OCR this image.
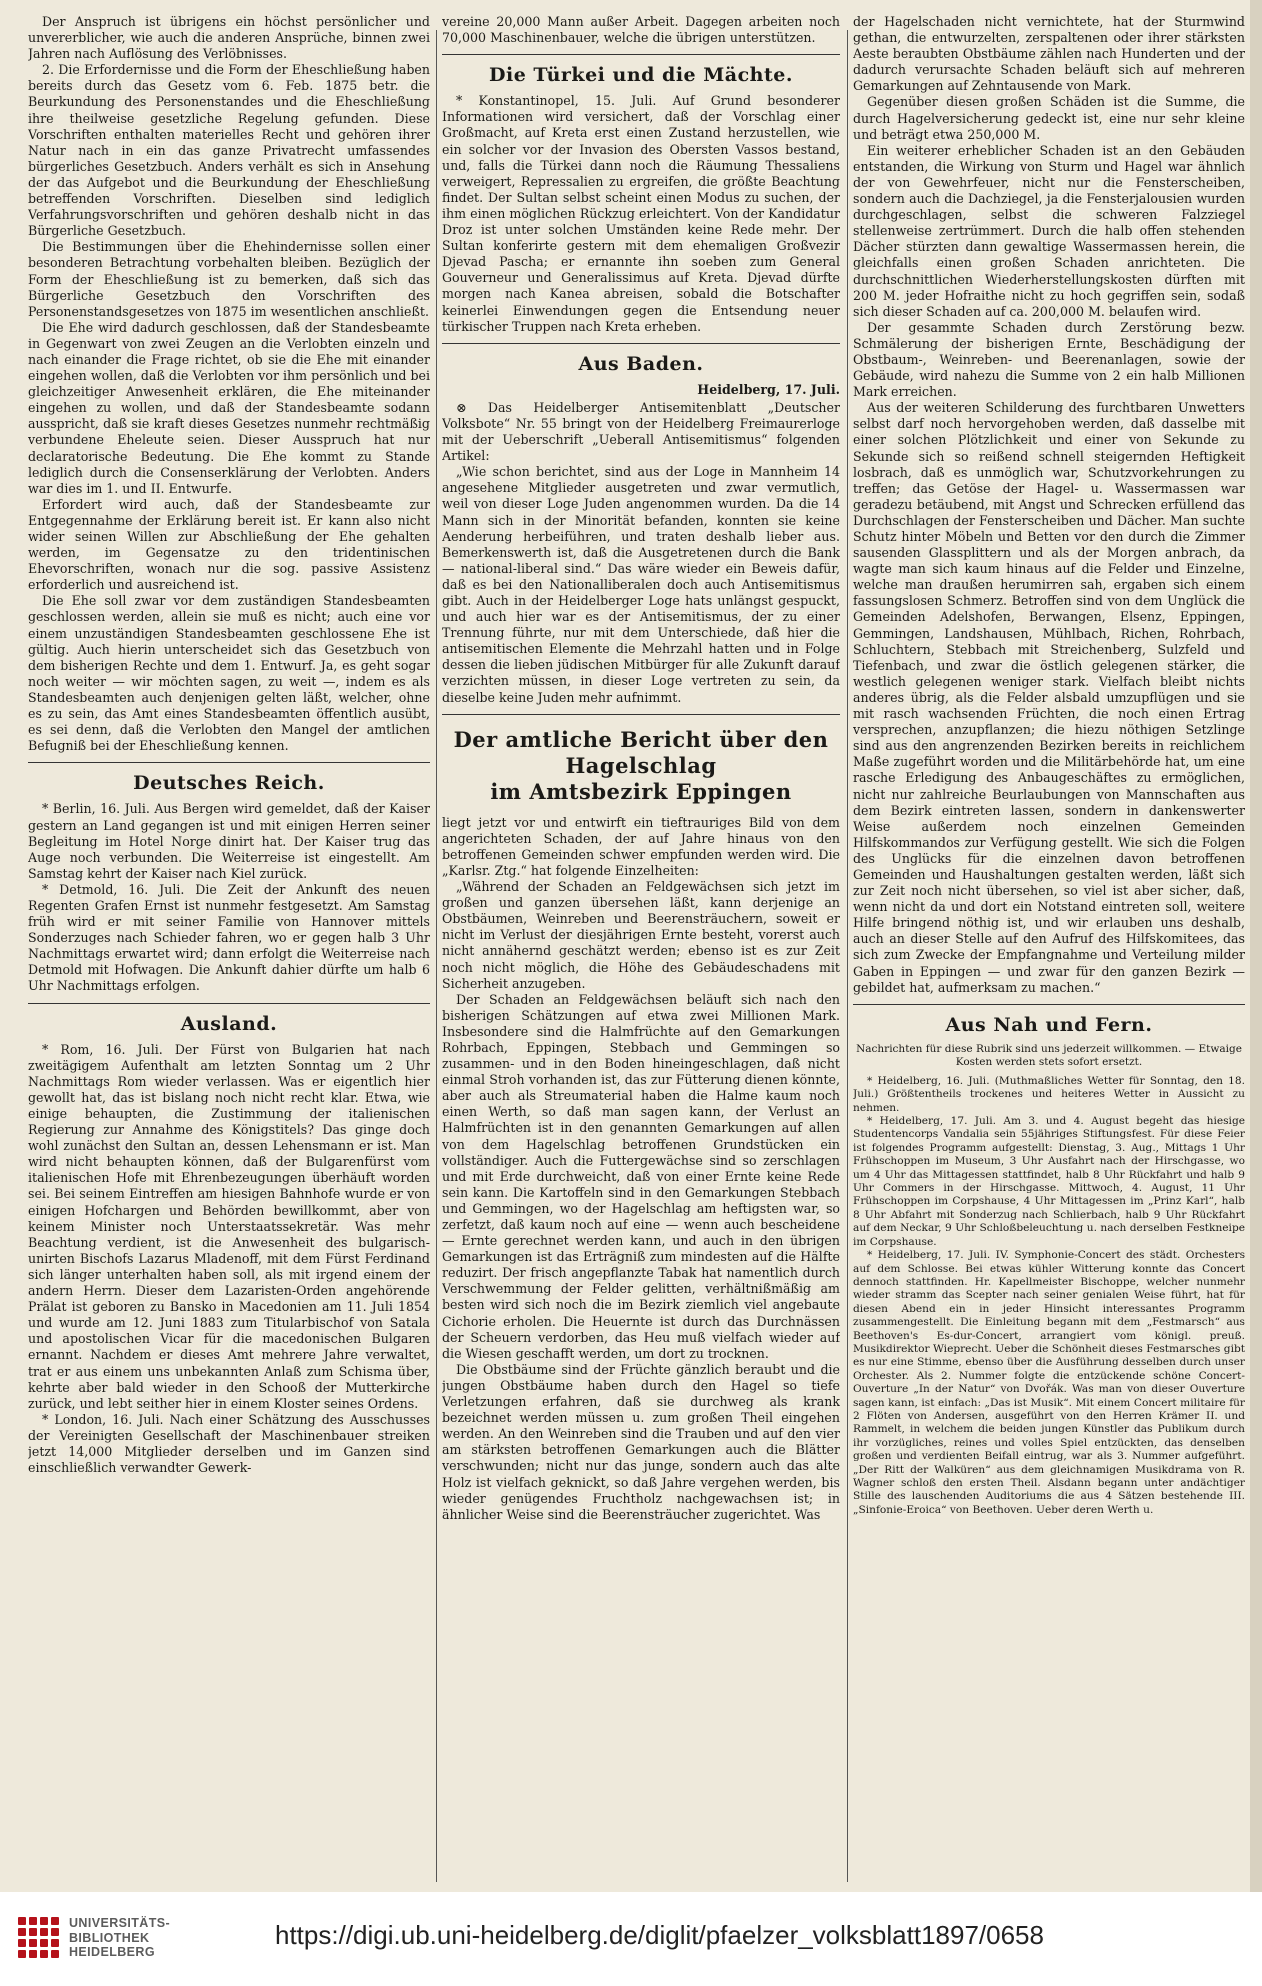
Der Anspruch ist übrigens ein höchst persönlicher und unvererblicher, wie auch die anderen Ansprüche, binnen zwei Jahren nach Auflösung des Verlöbnisses.

2. Die Erfordernisse und die Form der Eheschließung haben bereits durch das Gesetz vom 6. Feb. 1875 betr. die Beurkundung des Personenstandes und die Eheschließung ihre theilweise gesetzliche Regelung gefunden. Diese Vorschriften enthalten materielles Recht und gehören ihrer Natur nach in ein das ganze Privatrecht umfassendes bürgerliches Gesetzbuch. Anders verhält es sich in Ansehung der das Aufgebot und die Beurkundung der Eheschließung betreffenden Vorschriften. Dieselben sind lediglich Verfahrungsvorschriften und gehören deshalb nicht in das Bürgerliche Gesetzbuch.

Die Bestimmungen über die Ehehindernisse sollen einer besonderen Betrachtung vorbehalten bleiben. Bezüglich der Form der Eheschließung ist zu bemerken, daß sich das Bürgerliche Gesetzbuch den Vorschriften des Personenstandsgesetzes von 1875 im wesentlichen anschließt.

Die Ehe wird dadurch geschlossen, daß der Standesbeamte in Gegenwart von zwei Zeugen an die Verlobten einzeln und nach einander die Frage richtet, ob sie die Ehe mit einander eingehen wollen, daß die Verlobten vor ihm persönlich und bei gleichzeitiger Anwesenheit erklären, die Ehe miteinander eingehen zu wollen, und daß der Standesbeamte sodann ausspricht, daß sie kraft dieses Gesetzes nunmehr rechtmäßig verbundene Eheleute seien. Dieser Ausspruch hat nur declaratorische Bedeutung. Die Ehe kommt zu Stande lediglich durch die Consenserklärung der Verlobten. Anders war dies im 1. und II. Entwurfe.

Erfordert wird auch, daß der Standesbeamte zur Entgegennahme der Erklärung bereit ist. Er kann also nicht wider seinen Willen zur Abschließung der Ehe gehalten werden, im Gegensatze zu den tridentinischen Ehevorschriften, wonach nur die sog. passive Assistenz erforderlich und ausreichend ist.

Die Ehe soll zwar vor dem zuständigen Standesbeamten geschlossen werden, allein sie muß es nicht; auch eine vor einem unzuständigen Standesbeamten geschlossene Ehe ist gültig. Auch hierin unterscheidet sich das Gesetzbuch von dem bisherigen Rechte und dem 1. Entwurf. Ja, es geht sogar noch weiter — wir möchten sagen, zu weit —, indem es als Standesbeamten auch denjenigen gelten läßt, welcher, ohne es zu sein, das Amt eines Standesbeamten öffentlich ausübt, es sei denn, daß die Verlobten den Mangel der amtlichen Befugniß bei der Eheschließung kennen.

Deutsches Reich.

* Berlin, 16. Juli. Aus Bergen wird gemeldet, daß der Kaiser gestern an Land gegangen ist und mit einigen Herren seiner Begleitung im Hotel Norge dinirt hat. Der Kaiser trug das Auge noch verbunden. Die Weiterreise ist eingestellt. Am Samstag kehrt der Kaiser nach Kiel zurück.

* Detmold, 16. Juli. Die Zeit der Ankunft des neuen Regenten Grafen Ernst ist nunmehr festgesetzt. Am Samstag früh wird er mit seiner Familie von Hannover mittels Sonderzuges nach Schieder fahren, wo er gegen halb 3 Uhr Nachmittags erwartet wird; dann erfolgt die Weiterreise nach Detmold mit Hofwagen. Die Ankunft dahier dürfte um halb 6 Uhr Nachmittags erfolgen.

Ausland.

* Rom, 16. Juli. Der Fürst von Bulgarien hat nach zweitägigem Aufenthalt am letzten Sonntag um 2 Uhr Nachmittags Rom wieder verlassen. Was er eigentlich hier gewollt hat, das ist bislang noch nicht recht klar. Etwa, wie einige behaupten, die Zustimmung der italienischen Regierung zur Annahme des Königstitels? Das ginge doch wohl zunächst den Sultan an, dessen Lehensmann er ist. Man wird nicht behaupten können, daß der Bulgarenfürst vom italienischen Hofe mit Ehrenbezeugungen überhäuft worden sei. Bei seinem Eintreffen am hiesigen Bahnhofe wurde er von einigen Hofchargen und Behörden bewillkommt, aber von keinem Minister noch Unterstaatssekretär. Was mehr Beachtung verdient, ist die Anwesenheit des bulgarisch-unirten Bischofs Lazarus Mladenoff, mit dem Fürst Ferdinand sich länger unterhalten haben soll, als mit irgend einem der andern Herrn. Dieser dem Lazaristen-Orden angehörende Prälat ist geboren zu Bansko in Macedonien am 11. Juli 1854 und wurde am 12. Juni 1883 zum Titularbischof von Satala und apostolischen Vicar für die macedonischen Bulgaren ernannt. Nachdem er dieses Amt mehrere Jahre verwaltet, trat er aus einem uns unbekannten Anlaß zum Schisma über, kehrte aber bald wieder in den Schooß der Mutterkirche zurück, und lebt seither hier in einem Kloster seines Ordens.

* London, 16. Juli. Nach einer Schätzung des Ausschusses der Vereinigten Gesellschaft der Maschinenbauer streiken jetzt 14,000 Mitglieder derselben und im Ganzen sind einschließlich verwandter Gewerk-

vereine 20,000 Mann außer Arbeit. Dagegen arbeiten noch 70,000 Maschinenbauer, welche die übrigen unterstützen.

Die Türkei und die Mächte.

* Konstantinopel, 15. Juli. Auf Grund besonderer Informationen wird versichert, daß der Vorschlag einer Großmacht, auf Kreta erst einen Zustand herzustellen, wie ein solcher vor der Invasion des Obersten Vassos bestand, und, falls die Türkei dann noch die Räumung Thessaliens verweigert, Repressalien zu ergreifen, die größte Beachtung findet. Der Sultan selbst scheint einen Modus zu suchen, der ihm einen möglichen Rückzug erleichtert. Von der Kandidatur Droz ist unter solchen Umständen keine Rede mehr. Der Sultan konferirte gestern mit dem ehemaligen Großvezir Djevad Pascha; er ernannte ihn soeben zum General Gouverneur und Generalissimus auf Kreta. Djevad dürfte morgen nach Kanea abreisen, sobald die Botschafter keinerlei Einwendungen gegen die Entsendung neuer türkischer Truppen nach Kreta erheben.

Aus Baden.
Heidelberg, 17. Juli.

⊗ Das Heidelberger Antisemitenblatt „Deutscher Volksbote“ Nr. 55 bringt von der Heidelberg Freimaurerloge mit der Ueberschrift „Ueberall Antisemitismus“ folgenden Artikel:

„Wie schon berichtet, sind aus der Loge in Mannheim 14 angesehene Mitglieder ausgetreten und zwar vermutlich, weil von dieser Loge Juden angenommen wurden. Da die 14 Mann sich in der Minorität befanden, konnten sie keine Aenderung herbeiführen, und traten deshalb lieber aus. Bemerkenswerth ist, daß die Ausgetretenen durch die Bank — national-liberal sind.“ Das wäre wieder ein Beweis dafür, daß es bei den Nationalliberalen doch auch Antisemitismus gibt. Auch in der Heidelberger Loge hats unlängst gespuckt, und auch hier war es der Antisemitismus, der zu einer Trennung führte, nur mit dem Unterschiede, daß hier die antisemitischen Elemente die Mehrzahl hatten und in Folge dessen die lieben jüdischen Mitbürger für alle Zukunft darauf verzichten müssen, in dieser Loge vertreten zu sein, da dieselbe keine Juden mehr aufnimmt.

Der amtliche Bericht über den Hagelschlag
im Amtsbezirk Eppingen

liegt jetzt vor und entwirft ein tieftrauriges Bild von dem angerichteten Schaden, der auf Jahre hinaus von den betroffenen Gemeinden schwer empfunden werden wird. Die „Karlsr. Ztg.“ hat folgende Einzelheiten:

„Während der Schaden an Feldgewächsen sich jetzt im großen und ganzen übersehen läßt, kann derjenige an Obstbäumen, Weinreben und Beerensträuchern, soweit er nicht im Verlust der diesjährigen Ernte besteht, vorerst auch nicht annähernd geschätzt werden; ebenso ist es zur Zeit noch nicht möglich, die Höhe des Gebäudeschadens mit Sicherheit anzugeben.

Der Schaden an Feldgewächsen beläuft sich nach den bisherigen Schätzungen auf etwa zwei Millionen Mark. Insbesondere sind die Halmfrüchte auf den Gemarkungen Rohrbach, Eppingen, Stebbach und Gemmingen so zusammen- und in den Boden hineingeschlagen, daß nicht einmal Stroh vorhanden ist, das zur Fütterung dienen könnte, aber auch als Streumaterial haben die Halme kaum noch einen Werth, so daß man sagen kann, der Verlust an Halmfrüchten ist in den genannten Gemarkungen auf allen von dem Hagelschlag betroffenen Grundstücken ein vollständiger. Auch die Futtergewächse sind so zerschlagen und mit Erde durchweicht, daß von einer Ernte keine Rede sein kann. Die Kartoffeln sind in den Gemarkungen Stebbach und Gemmingen, wo der Hagelschlag am heftigsten war, so zerfetzt, daß kaum noch auf eine — wenn auch bescheidene — Ernte gerechnet werden kann, und auch in den übrigen Gemarkungen ist das Erträgniß zum mindesten auf die Hälfte reduzirt. Der frisch angepflanzte Tabak hat namentlich durch Verschwemmung der Felder gelitten, verhältnißmäßig am besten wird sich noch die im Bezirk ziemlich viel angebaute Cichorie erholen. Die Heuernte ist durch das Durchnässen der Scheuern verdorben, das Heu muß vielfach wieder auf die Wiesen geschafft werden, um dort zu trocknen.

Die Obstbäume sind der Früchte gänzlich beraubt und die jungen Obstbäume haben durch den Hagel so tiefe Verletzungen erfahren, daß sie durchweg als krank bezeichnet werden müssen u. zum großen Theil eingehen werden. An den Weinreben sind die Trauben und auf den vier am stärksten betroffenen Gemarkungen auch die Blätter verschwunden; nicht nur das junge, sondern auch das alte Holz ist vielfach geknickt, so daß Jahre vergehen werden, bis wieder genügendes Fruchtholz nachgewachsen ist; in ähnlicher Weise sind die Beerensträucher zugerichtet. Was

der Hagelschaden nicht vernichtete, hat der Sturmwind gethan, die entwurzelten, zerspaltenen oder ihrer stärksten Aeste beraubten Obstbäume zählen nach Hunderten und der dadurch verursachte Schaden beläuft sich auf mehreren Gemarkungen auf Zehntausende von Mark.

Gegenüber diesen großen Schäden ist die Summe, die durch Hagelversicherung gedeckt ist, eine nur sehr kleine und beträgt etwa 250,000 M.

Ein weiterer erheblicher Schaden ist an den Gebäuden entstanden, die Wirkung von Sturm und Hagel war ähnlich der von Gewehrfeuer, nicht nur die Fensterscheiben, sondern auch die Dachziegel, ja die Fensterjalousien wurden durchgeschlagen, selbst die schweren Falzziegel stellenweise zertrümmert. Durch die halb offen stehenden Dächer stürzten dann gewaltige Wassermassen herein, die gleichfalls einen großen Schaden anrichteten. Die durchschnittlichen Wiederherstellungskosten dürften mit 200 M. jeder Hofraithe nicht zu hoch gegriffen sein, sodaß sich dieser Schaden auf ca. 200,000 M. belaufen wird.

Der gesammte Schaden durch Zerstörung bezw. Schmälerung der bisherigen Ernte, Beschädigung der Obstbaum-, Weinreben- und Beerenanlagen, sowie der Gebäude, wird nahezu die Summe von 2 ein halb Millionen Mark erreichen.

Aus der weiteren Schilderung des furchtbaren Unwetters selbst darf noch hervorgehoben werden, daß dasselbe mit einer solchen Plötzlichkeit und einer von Sekunde zu Sekunde sich so reißend schnell steigernden Heftigkeit losbrach, daß es unmöglich war, Schutzvorkehrungen zu treffen; das Getöse der Hagel- u. Wassermassen war geradezu betäubend, mit Angst und Schrecken erfüllend das Durchschlagen der Fensterscheiben und Dächer. Man suchte Schutz hinter Möbeln und Betten vor den durch die Zimmer sausenden Glassplittern und als der Morgen anbrach, da wagte man sich kaum hinaus auf die Felder und Einzelne, welche man draußen herumirren sah, ergaben sich einem fassungslosen Schmerz. Betroffen sind von dem Unglück die Gemeinden Adelshofen, Berwangen, Elsenz, Eppingen, Gemmingen, Landshausen, Mühlbach, Richen, Rohrbach, Schluchtern, Stebbach mit Streichenberg, Sulzfeld und Tiefenbach, und zwar die östlich gelegenen stärker, die westlich gelegenen weniger stark. Vielfach bleibt nichts anderes übrig, als die Felder alsbald umzupflügen und sie mit rasch wachsenden Früchten, die noch einen Ertrag versprechen, anzupflanzen; die hiezu nöthigen Setzlinge sind aus den angrenzenden Bezirken bereits in reichlichem Maße zugeführt worden und die Militärbehörde hat, um eine rasche Erledigung des Anbaugeschäftes zu ermöglichen, nicht nur zahlreiche Beurlaubungen von Mannschaften aus dem Bezirk eintreten lassen, sondern in dankenswerter Weise außerdem noch einzelnen Gemeinden Hilfskommandos zur Verfügung gestellt. Wie sich die Folgen des Unglücks für die einzelnen davon betroffenen Gemeinden und Haushaltungen gestalten werden, läßt sich zur Zeit noch nicht übersehen, so viel ist aber sicher, daß, wenn nicht da und dort ein Notstand eintreten soll, weitere Hilfe bringend nöthig ist, und wir erlauben uns deshalb, auch an dieser Stelle auf den Aufruf des Hilfskomitees, das sich zum Zwecke der Empfangnahme und Verteilung milder Gaben in Eppingen — und zwar für den ganzen Bezirk — gebildet hat, aufmerksam zu machen.“

Aus Nah und Fern.
Nachrichten für diese Rubrik sind uns jederzeit willkommen. — Etwaige Kosten werden stets sofort ersetzt.

* Heidelberg, 16. Juli. (Muthmaßliches Wetter für Sonntag, den 18. Juli.) Größtentheils trockenes und heiteres Wetter in Aussicht zu nehmen.

* Heidelberg, 17. Juli. Am 3. und 4. August begeht das hiesige Studentencorps Vandalia sein 55jähriges Stiftungsfest. Für diese Feier ist folgendes Programm aufgestellt: Dienstag, 3. Aug., Mittags 1 Uhr Frühschoppen im Museum, 3 Uhr Ausfahrt nach der Hirschgasse, wo um 4 Uhr das Mittagessen stattfindet, halb 8 Uhr Rückfahrt und halb 9 Uhr Commers in der Hirschgasse. Mittwoch, 4. August, 11 Uhr Frühschoppen im Corpshause, 4 Uhr Mittagessen im „Prinz Karl“, halb 8 Uhr Abfahrt mit Sonderzug nach Schlierbach, halb 9 Uhr Rückfahrt auf dem Neckar, 9 Uhr Schloßbeleuchtung u. nach derselben Festkneipe im Corpshause.

* Heidelberg, 17. Juli. IV. Symphonie-Concert des städt. Orchesters auf dem Schlosse. Bei etwas kühler Witterung konnte das Concert dennoch stattfinden. Hr. Kapellmeister Bischoppe, welcher nunmehr wieder stramm das Scepter nach seiner genialen Weise führt, hat für diesen Abend ein in jeder Hinsicht interessantes Programm zusammengestellt. Die Einleitung begann mit dem „Festmarsch“ aus Beethoven's Es-dur-Concert, arrangiert vom königl. preuß. Musikdirektor Wieprecht. Ueber die Schönheit dieses Festmarsches gibt es nur eine Stimme, ebenso über die Ausführung desselben durch unser Orchester. Als 2. Nummer folgte die entzückende schöne Concert-Ouverture „In der Natur“ von Dvořák. Was man von dieser Ouverture sagen kann, ist einfach: „Das ist Musik“. Mit einem Concert militaire für 2 Flöten von Andersen, ausgeführt von den Herren Krämer II. und Rammelt, in welchem die beiden jungen Künstler das Publikum durch ihr vorzügliches, reines und volles Spiel entzückten, das denselben großen und verdienten Beifall eintrug, war als 3. Nummer aufgeführt. „Der Ritt der Walküren“ aus dem gleichnamigen Musikdrama von R. Wagner schloß den ersten Theil. Alsdann begann unter andächtiger Stille des lauschenden Auditoriums die aus 4 Sätzen bestehende III. „Sinfonie-Eroica“ von Beethoven. Ueber deren Werth u.

UNIVERSITÄTS-
BIBLIOTHEK
HEIDELBERG
https://digi.ub.uni-heidelberg.de/diglit/pfaelzer_volksblatt1897/0658
